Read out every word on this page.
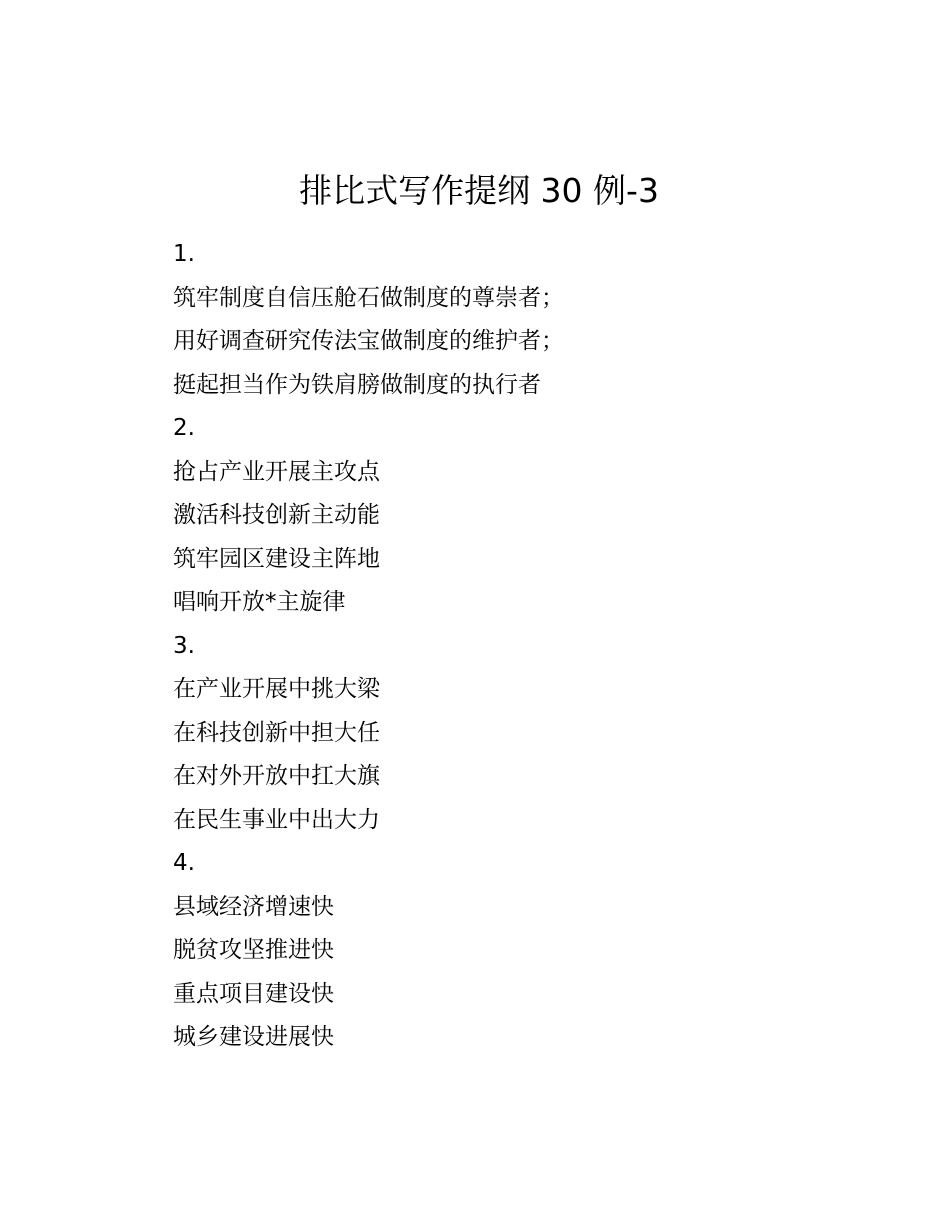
排比式写作提纲 30 例-3
1.
筑牢制度自信压舱石做制度的尊崇者；
用好调查研究传法宝做制度的维护者；
挺起担当作为铁肩膀做制度的执行者
2.
抢占产业开展主攻点
激活科技创新主动能
筑牢园区建设主阵地
唱响开放*主旋律
3.
在产业开展中挑大梁
在科技创新中担大任
在对外开放中扛大旗
在民生事业中出大力
4.
县域经济增速快
脱贫攻坚推进快
重点项目建设快
城乡建设进展快
